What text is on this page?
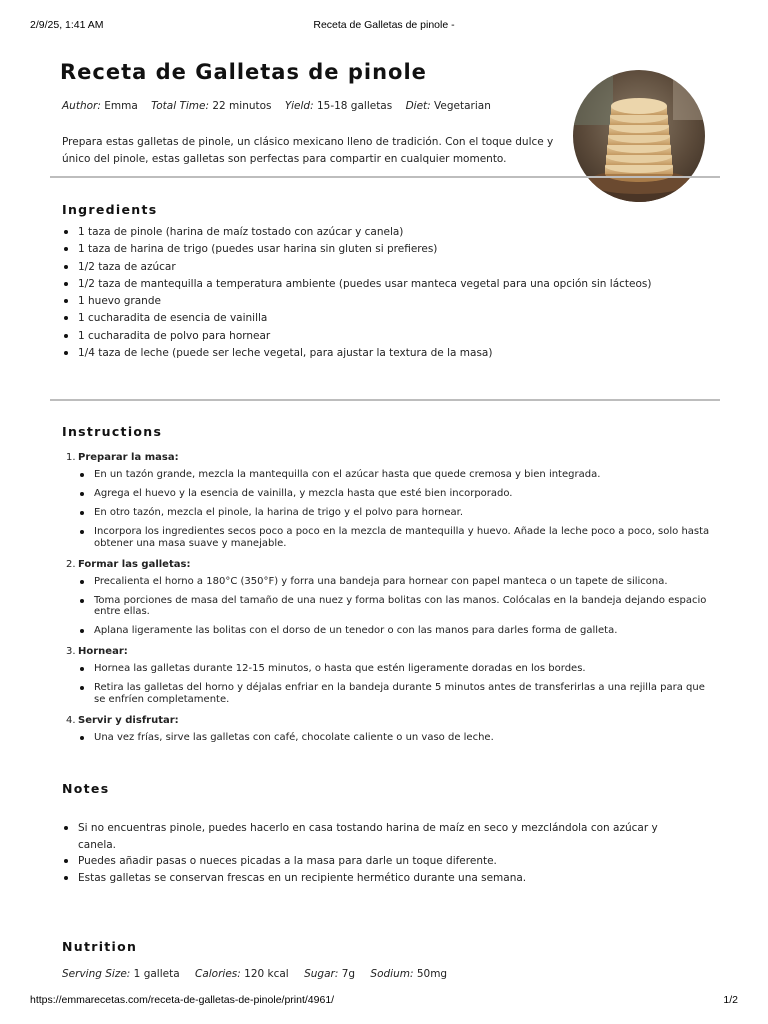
2/9/25, 1:41 AM	Receta de Galletas de pinole -
Receta de Galletas de pinole
Author: Emma Total Time: 22 minutos Yield: 15-18 galletas Diet: Vegetarian
Prepara estas galletas de pinole, un clásico mexicano lleno de tradición. Con el toque dulce y único del pinole, estas galletas son perfectas para compartir en cualquier momento.
Ingredients
1 taza de pinole (harina de maíz tostado con azúcar y canela)
1 taza de harina de trigo (puedes usar harina sin gluten si prefieres)
1/2 taza de azúcar
1/2 taza de mantequilla a temperatura ambiente (puedes usar manteca vegetal para una opción sin lácteos)
1 huevo grande
1 cucharadita de esencia de vainilla
1 cucharadita de polvo para hornear
1/4 taza de leche (puede ser leche vegetal, para ajustar la textura de la masa)
Instructions
1. Preparar la masa:
En un tazón grande, mezcla la mantequilla con el azúcar hasta que quede cremosa y bien integrada.
Agrega el huevo y la esencia de vainilla, y mezcla hasta que esté bien incorporado.
En otro tazón, mezcla el pinole, la harina de trigo y el polvo para hornear.
Incorpora los ingredientes secos poco a poco en la mezcla de mantequilla y huevo. Añade la leche poco a poco, solo hasta obtener una masa suave y manejable.
2. Formar las galletas:
Precalienta el horno a 180°C (350°F) y forra una bandeja para hornear con papel manteca o un tapete de silicona.
Toma porciones de masa del tamaño de una nuez y forma bolitas con las manos. Colócalas en la bandeja dejando espacio entre ellas.
Aplana ligeramente las bolitas con el dorso de un tenedor o con las manos para darles forma de galleta.
3. Hornear:
Hornea las galletas durante 12-15 minutos, o hasta que estén ligeramente doradas en los bordes.
Retira las galletas del horno y déjalas enfriar en la bandeja durante 5 minutos antes de transferirlas a una rejilla para que se enfríen completamente.
4. Servir y disfrutar:
Una vez frías, sirve las galletas con café, chocolate caliente o un vaso de leche.
Notes
Si no encuentras pinole, puedes hacerlo en casa tostando harina de maíz en seco y mezclándola con azúcar y canela.
Puedes añadir pasas o nueces picadas a la masa para darle un toque diferente.
Estas galletas se conservan frescas en un recipiente hermético durante una semana.
Nutrition
Serving Size: 1 galleta Calories: 120 kcal Sugar: 7g Sodium: 50mg
https://emmarecetas.com/receta-de-galletas-de-pinole/print/4961/	1/2
